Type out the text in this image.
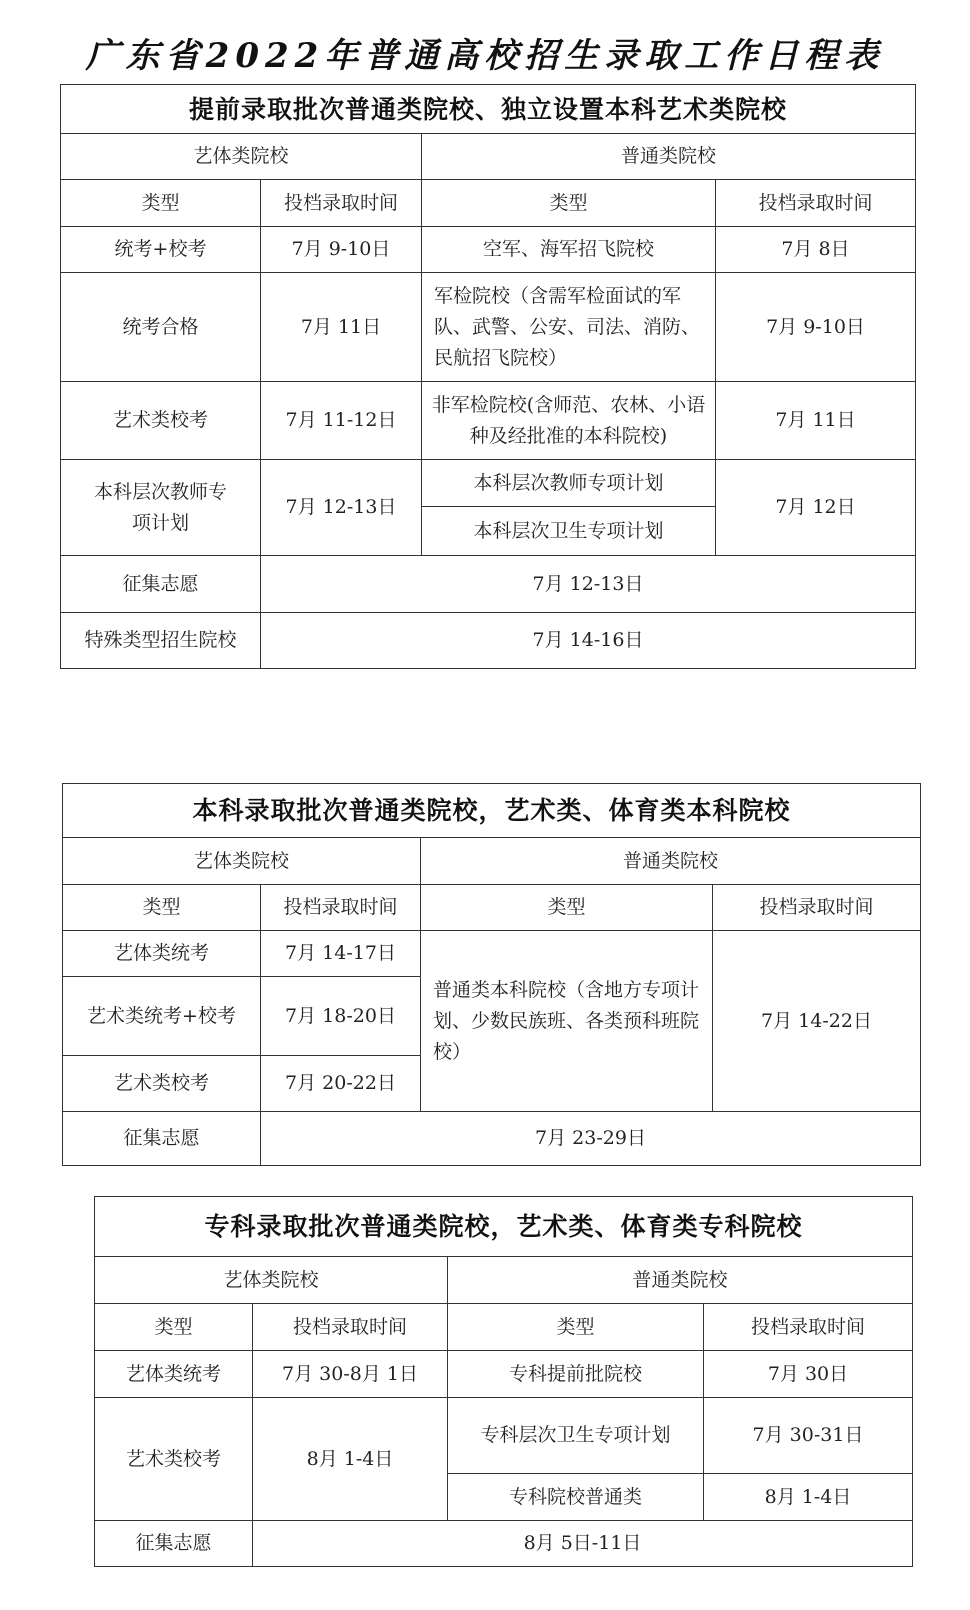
广东省2022年普通高校招生录取工作日程表
提前录取批次普通类院校、独立设置本科艺术类院校			
艺体类院校		普通类院校	
类型	投档录取时间	类型	投档录取时间
统考+校考	7月 9-10日	空军、海军招飞院校	7月 8日
统考合格	7月 11日	军检院校（含需军检面试的军队、武警、公安、司法、消防、民航招飞院校）	7月 9-10日
艺术类校考	7月 11-12日	非军检院校(含师范、农林、小语种及经批准的本科院校)	7月 11日
本科层次教师专项计划	7月 12-13日	本科层次教师专项计划	7月 12日
		本科层次卫生专项计划	
征集志愿	7月 12-13日		
特殊类型招生院校	7月 14-16日		
本科录取批次普通类院校，艺术类、体育类本科院校			
艺体类院校		普通类院校	
类型	投档录取时间	类型	投档录取时间
艺体类统考	7月 14-17日	普通类本科院校（含地方专项计划、少数民族班、各类预科班院校）	7月 14-22日
艺术类统考+校考	7月 18-20日		
艺术类校考	7月 20-22日		
征集志愿	7月 23-29日		
专科录取批次普通类院校，艺术类、体育类专科院校			
艺体类院校		普通类院校	
类型	投档录取时间	类型	投档录取时间
艺体类统考	7月 30-8月 1日	专科提前批院校	7月 30日
艺术类校考	8月 1-4日	专科层次卫生专项计划	7月 30-31日
		专科院校普通类	8月 1-4日
征集志愿	8月 5日-11日		
